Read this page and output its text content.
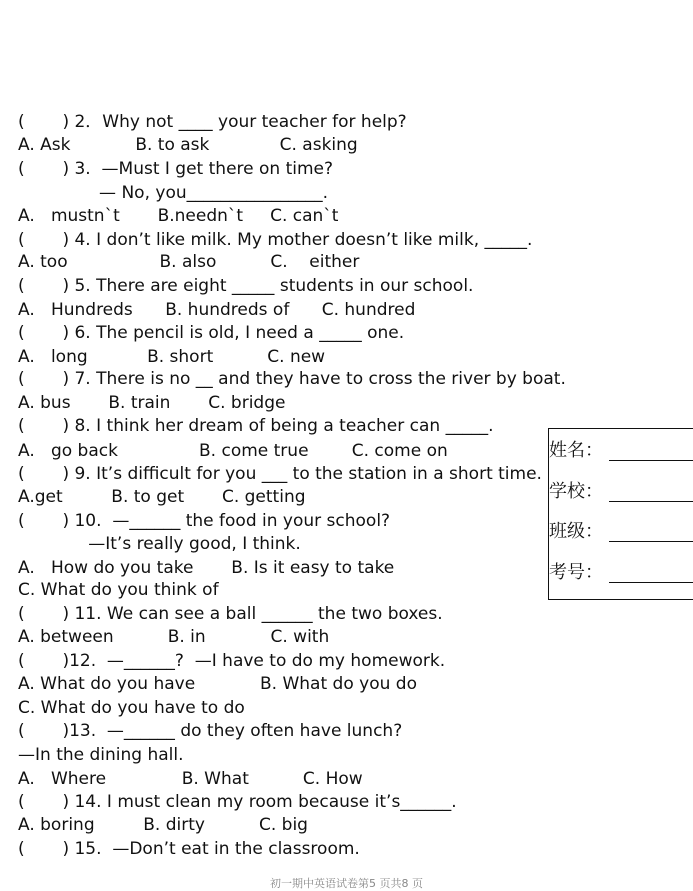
(       ) 2．Why not ____ your teacher for help?

A. Ask            B. to ask             C. asking

(       ) 3.  —Must I get there on time?

— No, you________________.

A.   mustn`t       B.needn`t     C. can`t

(       ) 4. I don’t like milk. My mother doesn’t like milk, _____.

A. too                 B. also          C.    either

(       ) 5. There are eight _____ students in our school.

A.   Hundreds      B. hundreds of      C. hundred

(       ) 6. The pencil is old, I need a _____ one.

A.   long           B. short          C. new

(       ) 7. There is no __ and they have to cross the river by boat.

A. bus       B. train       C. bridge

(       ) 8. I think her dream of being a teacher can _____.

A.   go back               B. come true        C. come on

(       ) 9. It’s difficult for you ___ to the station in a short time.

A.get         B. to get       C. getting

(       ) 10.  —______ the food in your school?

—It’s really good, I think.

A.   How do you take       B. Is it easy to take

C. What do you think of

(       ) 11. We can see a ball ______ the two boxes.

A. between          B. in            C. with

(       )12.  —______?  —I have to do my homework.

A. What do you have            B. What do you do

C. What do you have to do

(       )13.  —______ do they often have lunch?

—In the dining hall.

A.   Where              B. What          C. How

(       ) 14. I must clean my room because it’s______.

A. boring         B. dirty          C. big

(       ) 15.  —Don’t eat in the classroom.

姓名：
学校：
班级：
考号：
初一期中英语试卷第5 页共8 页
